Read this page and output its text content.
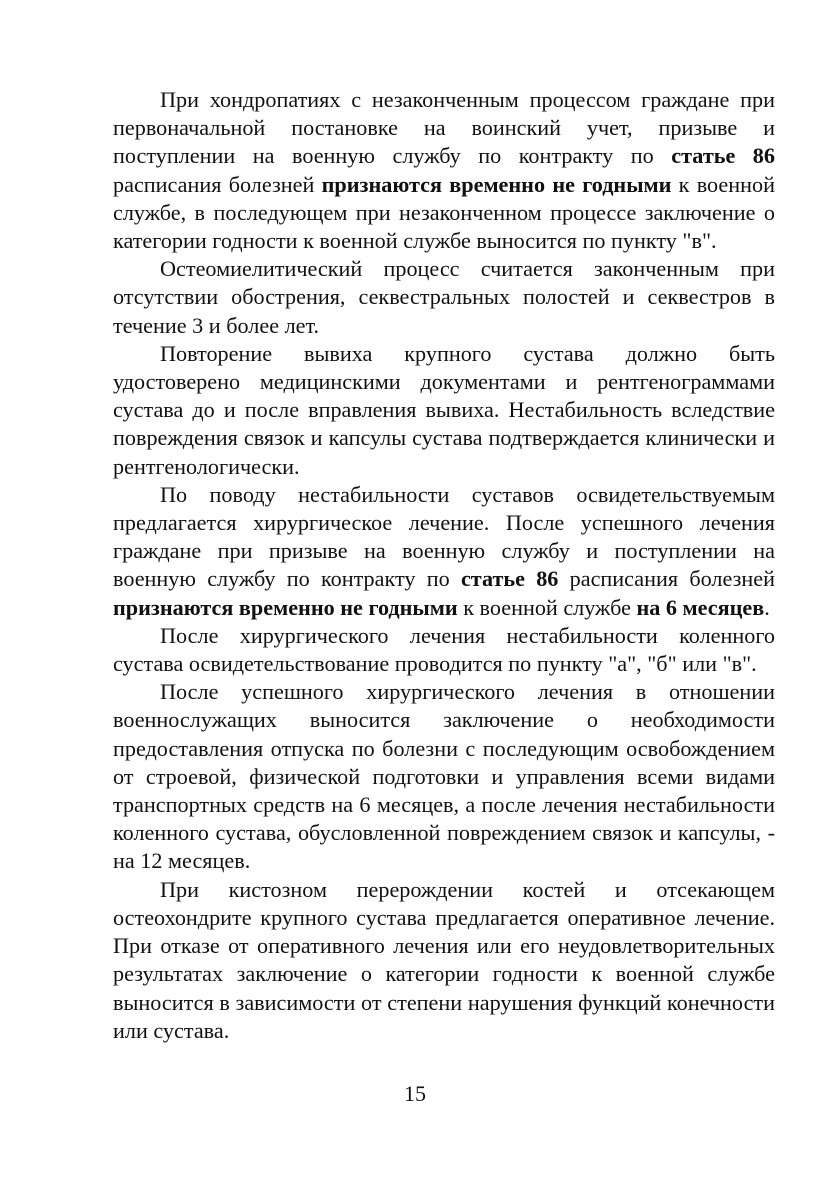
При хондропатиях с незаконченным процессом граждане при первоначальной постановке на воинский учет, призыве и поступлении на военную службу по контракту по статье 86 расписания болезней признаются временно не годными к военной службе, в последующем при незаконченном процессе заключение о категории годности к военной службе выносится по пункту "в".

Остеомиелитический процесс считается законченным при отсутствии обострения, секвестральных полостей и секвестров в течение 3 и более лет.

Повторение вывиха крупного сустава должно быть удостоверено медицинскими документами и рентгенограммами сустава до и после вправления вывиха. Нестабильность вследствие повреждения связок и капсулы сустава подтверждается клинически и рентгенологически.

По поводу нестабильности суставов освидетельствуемым предлагается хирургическое лечение. После успешного лечения граждане при призыве на военную службу и поступлении на военную службу по контракту по статье 86 расписания болезней признаются временно не годными к военной службе на 6 месяцев.

После хирургического лечения нестабильности коленного сустава освидетельствование проводится по пункту "а", "б" или "в".

После успешного хирургического лечения в отношении военнослужащих выносится заключение о необходимости предоставления отпуска по болезни с последующим освобождением от строевой, физической подготовки и управления всеми видами транспортных средств на 6 месяцев, а после лечения нестабильности коленного сустава, обусловленной повреждением связок и капсулы, - на 12 месяцев.

При кистозном перерождении костей и отсекающем остеохондрите крупного сустава предлагается оперативное лечение. При отказе от оперативного лечения или его неудовлетворительных результатах заключение о категории годности к военной службе выносится в зависимости от степени нарушения функций конечности или сустава.

15
